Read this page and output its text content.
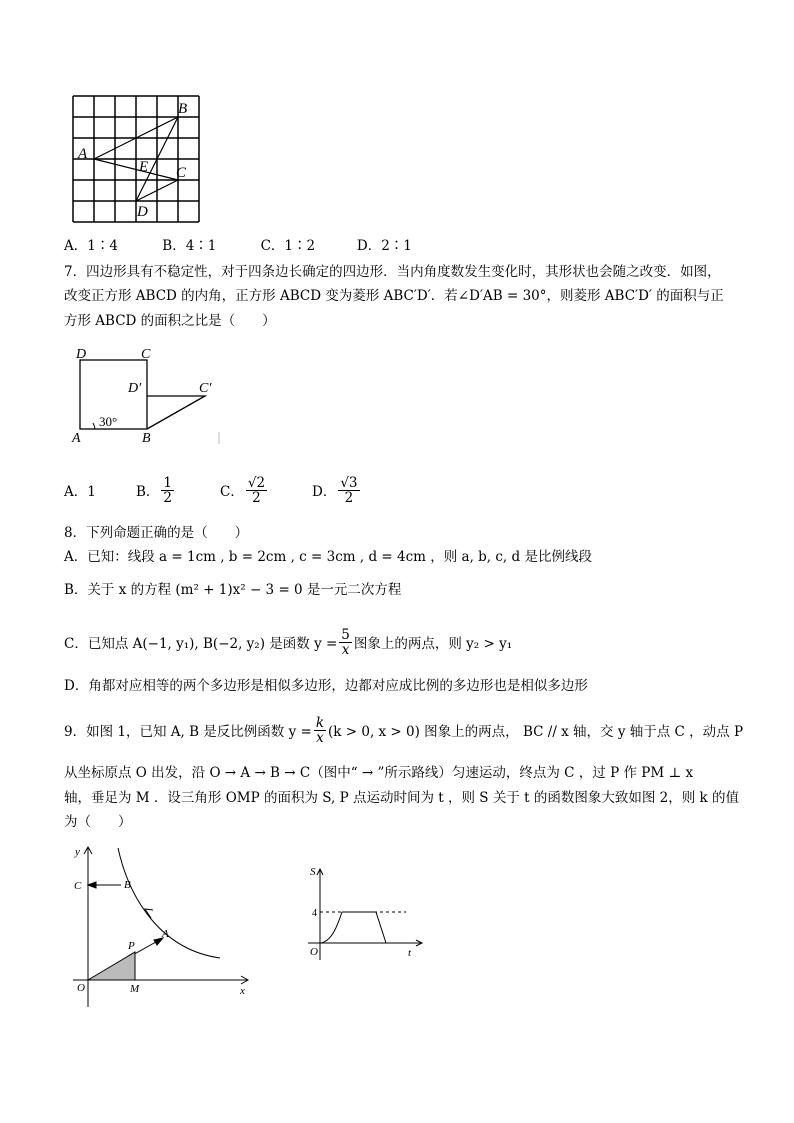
B
A
E C
D
A．1∶4	B．4∶1	C．1∶2	D．2∶1
7．四边形具有不稳定性，对于四条边长确定的四边形．当内角度数发生变化时，其形状也会随之改变．如图，
改变正方形 ABCD 的内角，正方形 ABCD 变为菱形 ABC′D′．若∠D′AB = 30°，则菱形 ABC′D′ 的面积与正
方形 ABCD 的面积之比是（　　）
D	C
D′	C′
30°
A	B
A．1	B． $\frac{1}{2}$	C． $\frac{√2}{2}$	D． $\frac{√3}{2}$
8．下列命题正确的是（　　）
A．已知：线段 a = 1cm , b = 2cm , c = 3cm , d = 4cm ，则 a, b, c, d 是比例线段
B．关于 x 的方程 (m² + 1)x² − 3 = 0 是一元二次方程
C．已知点 A(−1, y₁), B(−2, y₂) 是函数 $y = \frac{5}{x}$ 图象上的两点，则 y₂ > y₁
D．角都对应相等的两个多边形是相似多边形，边都对应成比例的多边形也是相似多边形
9．如图 1，已知 A, B 是反比例函数 $y = \frac{k}{x} (k > 0$, x > 0) 图象上的两点， BC // x 轴，交 y 轴于点 C ，动点 P
从坐标原点 O 出发，沿 O → A → B → C（图中“ → ”所示路线）匀速运动，终点为 C ，过 P 作 PM ⊥ x
轴，垂足为 M ．设三角形 OMP 的面积为 S, P 点运动时间为 t ，则 S 关于 t 的函数图象大致如图 2，则 k 的值
为（　　）
y
C	B
A
P
O	M	x
S
4
O	t
